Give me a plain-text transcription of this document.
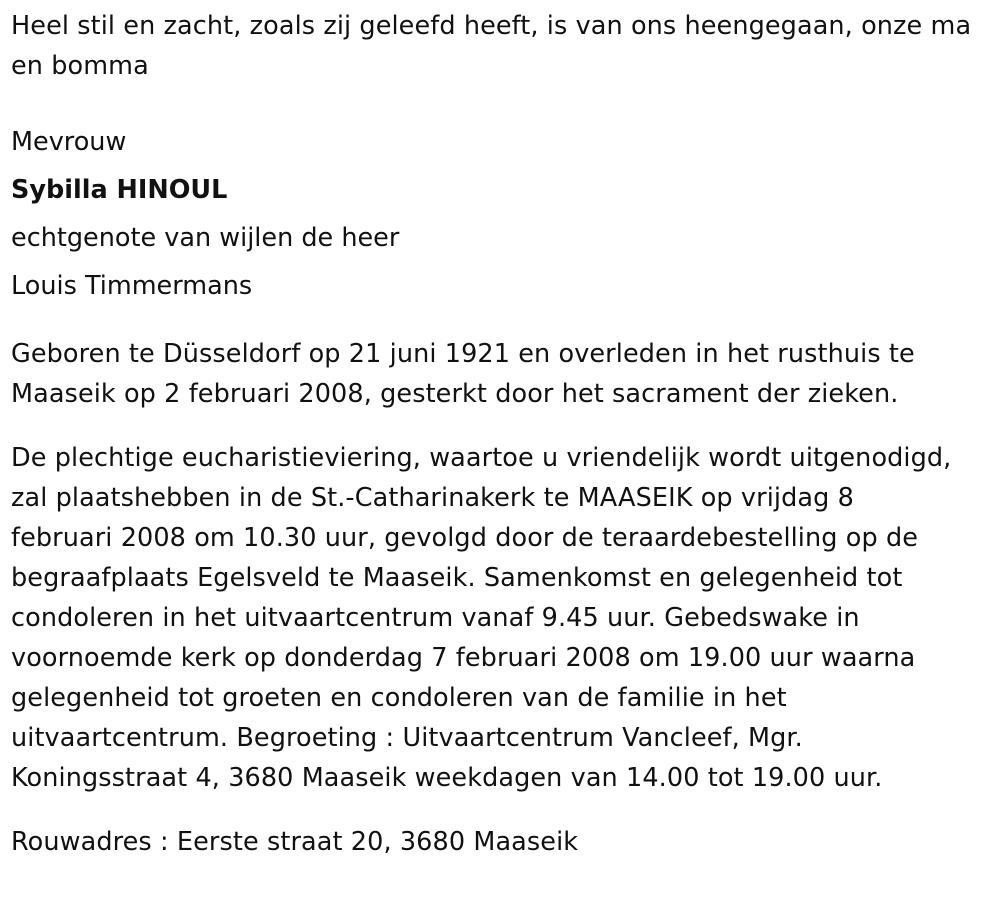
Heel stil en zacht, zoals zij geleefd heeft, is van ons heengegaan, onze ma
en bomma

Mevrouw

Sybilla HINOUL

echtgenote van wijlen de heer

Louis Timmermans

Geboren te Düsseldorf op 21 juni 1921 en overleden in het rusthuis te
Maaseik op 2 februari 2008, gesterkt door het sacrament der zieken.

De plechtige eucharistieviering, waartoe u vriendelijk wordt uitgenodigd,
zal plaatshebben in de St.-Catharinakerk te MAASEIK op vrijdag 8
februari 2008 om 10.30 uur, gevolgd door de teraardebestelling op de
begraafplaats Egelsveld te Maaseik. Samenkomst en gelegenheid tot
condoleren in het uitvaartcentrum vanaf 9.45 uur. Gebedswake in
voornoemde kerk op donderdag 7 februari 2008 om 19.00 uur waarna
gelegenheid tot groeten en condoleren van de familie in het
uitvaartcentrum. Begroeting : Uitvaartcentrum Vancleef, Mgr.
Koningsstraat 4, 3680 Maaseik weekdagen van 14.00 tot 19.00 uur.

Rouwadres : Eerste straat 20, 3680 Maaseik
